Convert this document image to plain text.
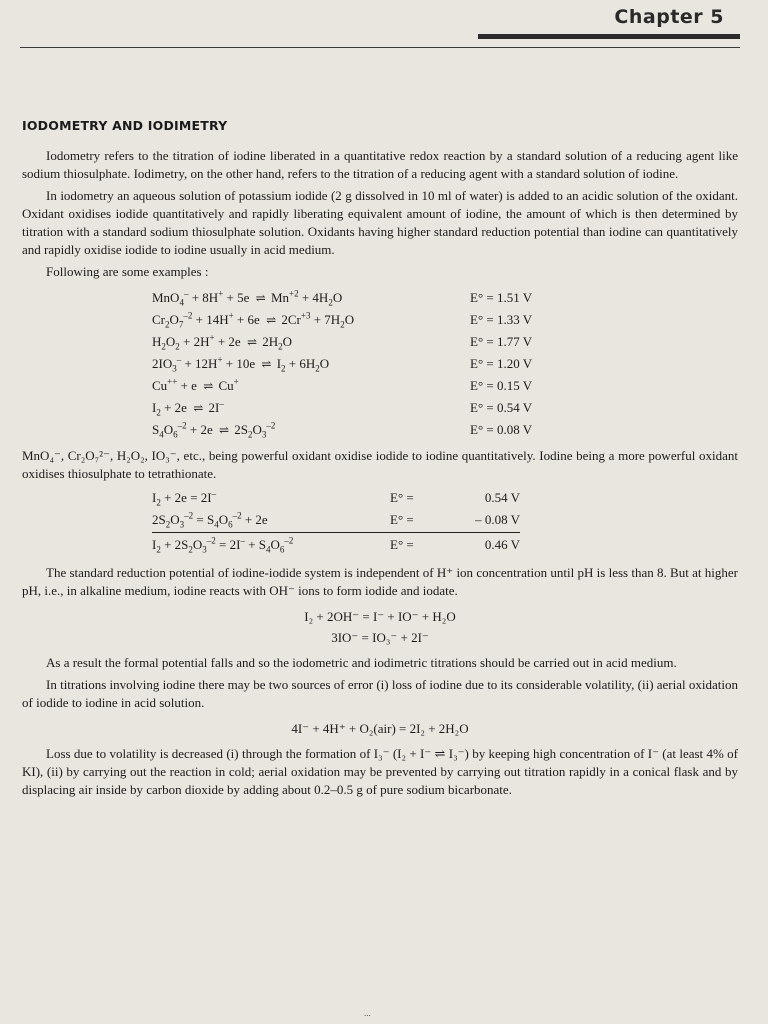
Chapter 5
IODOMETRY AND IODIMETRY

Iodometry refers to the titration of iodine liberated in a quantitative redox reaction by a standard solution of a reducing agent like sodium thiosulphate. Iodimetry, on the other hand, refers to the titration of a reducing agent with a standard solution of iodine.

In iodometry an aqueous solution of potassium iodide (2 g dissolved in 10 ml of water) is added to an acidic solution of the oxidant. Oxidant oxidises iodide quantitatively and rapidly liberating equivalent amount of iodine, the amount of which is then determined by titration with a standard sodium thiosulphate solution. Oxidants having higher standard reduction potential than iodine can quantitatively and rapidly oxidise iodide to iodine usually in acid medium.

Following are some examples :

MnO$_4$– + 8H+ + 5e ⇌ $Mn^{+2} + 4H_2O$	E° = 1.51 V
$Cr_2O_7^{-2} + 14H^+ + 6e$ ⇌ $2Cr^{+3} + 7H_2O$	E° = 1.33 V
$H_2O_2 + 2H^+ + 2e$ ⇌ $2H_2O$	E° = 1.77 V
$2IO_3^- + 12H^+ + 10e$ ⇌ $I_2 + 6H_2O$	E° = 1.20 V
Cu++ + e ⇌ Cu+	E° = 0.15 V
$I_2 + 2e$ ⇌ 2I–	E° = 0.54 V
$S_4O_6^{-2} + 2e$ ⇌ $2S_2O_3^{-2}$	E° = 0.08 V

MnO₄⁻, Cr₂O₇²⁻, H₂O₂, IO₃⁻, etc., being powerful oxidant oxidise iodide to iodine quantitatively. Iodine being a more powerful oxidant oxidises thiosulphate to tetrathionate.

$I_2 + 2e = 2I^-$	E° =	0.54 V
$2S_2O_3^{-2} = S_4O_6^{-2} + 2e$	E° =	– 0.08 V
$I_2 + 2S_2O_3^{-2} = 2I^- + S_4O_6^{-2}$	E° =	0.46 V

The standard reduction potential of iodine-iodide system is independent of H⁺ ion concentration until pH is less than 8. But at higher pH, i.e., in alkaline medium, iodine reacts with OH⁻ ions to form iodide and iodate.

I₂ + 2OH⁻ = I⁻ + IO⁻ + H₂O
3IO⁻ = IO₃⁻ + 2I⁻

As a result the formal potential falls and so the iodometric and iodimetric titrations should be carried out in acid medium.

In titrations involving iodine there may be two sources of error (i) loss of iodine due to its considerable volatility, (ii) aerial oxidation of iodide to iodine in acid solution.

4I⁻ + 4H⁺ + O₂(air) = 2I₂ + 2H₂O

Loss due to volatility is decreased (i) through the formation of I₃⁻ (I₂ + I⁻ ⇌ I₃⁻) by keeping high concentration of I⁻ (at least 4% of KI), (ii) by carrying out the reaction in cold; aerial oxidation may be prevented by carrying out titration rapidly in a conical flask and by displacing air inside by carbon dioxide by adding about 0.2–0.5 g of pure sodium bicarbonate.

...
